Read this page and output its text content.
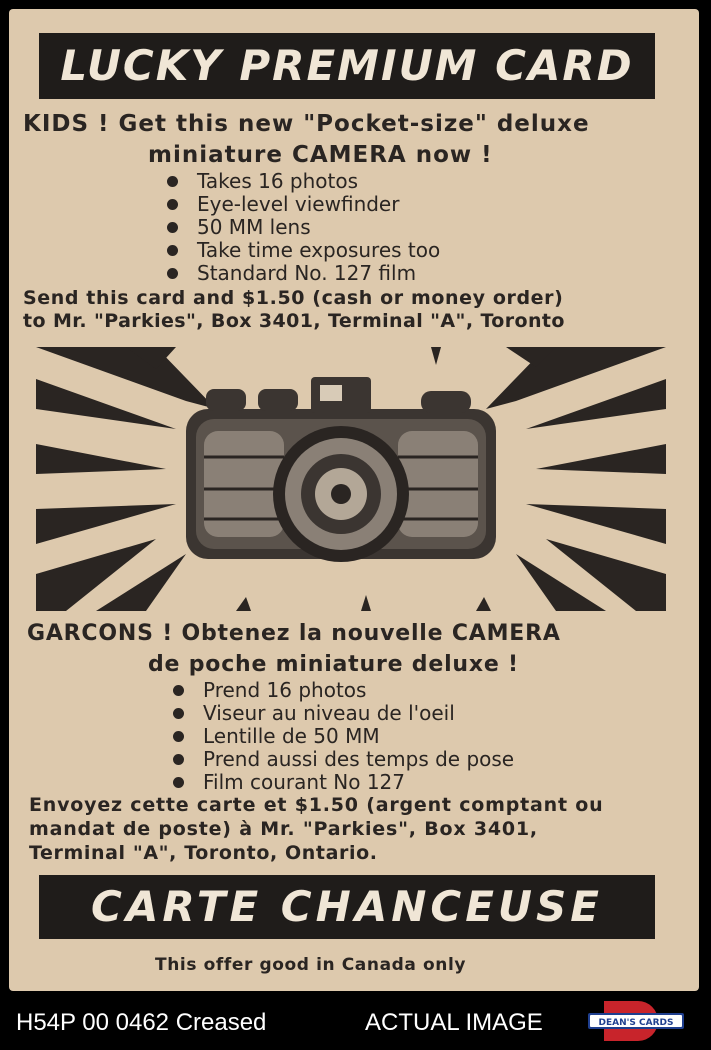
LUCKY PREMIUM CARD
KIDS ! Get this new "Pocket-size" deluxe
miniature CAMERA now !
Takes 16 photos
Eye-level viewfinder
50 MM lens
Take time exposures too
Standard No. 127 film
Send this card and $1.50 (cash or money order)
to Mr. "Parkies", Box 3401, Terminal "A", Toronto
GARCONS ! Obtenez la nouvelle CAMERA
de poche miniature deluxe !
Prend 16 photos
Viseur au niveau de l'oeil
Lentille de 50 MM
Prend aussi des temps de pose
Film courant No 127
Envoyez cette carte et $1.50 (argent comptant ou
mandat de poste) à Mr. "Parkies", Box 3401,
Terminal "A", Toronto, Ontario.
CARTE CHANCEUSE
This offer good in Canada only
H54P 00 0462 Creased	ACTUAL IMAGE	DEAN'S CARDS
